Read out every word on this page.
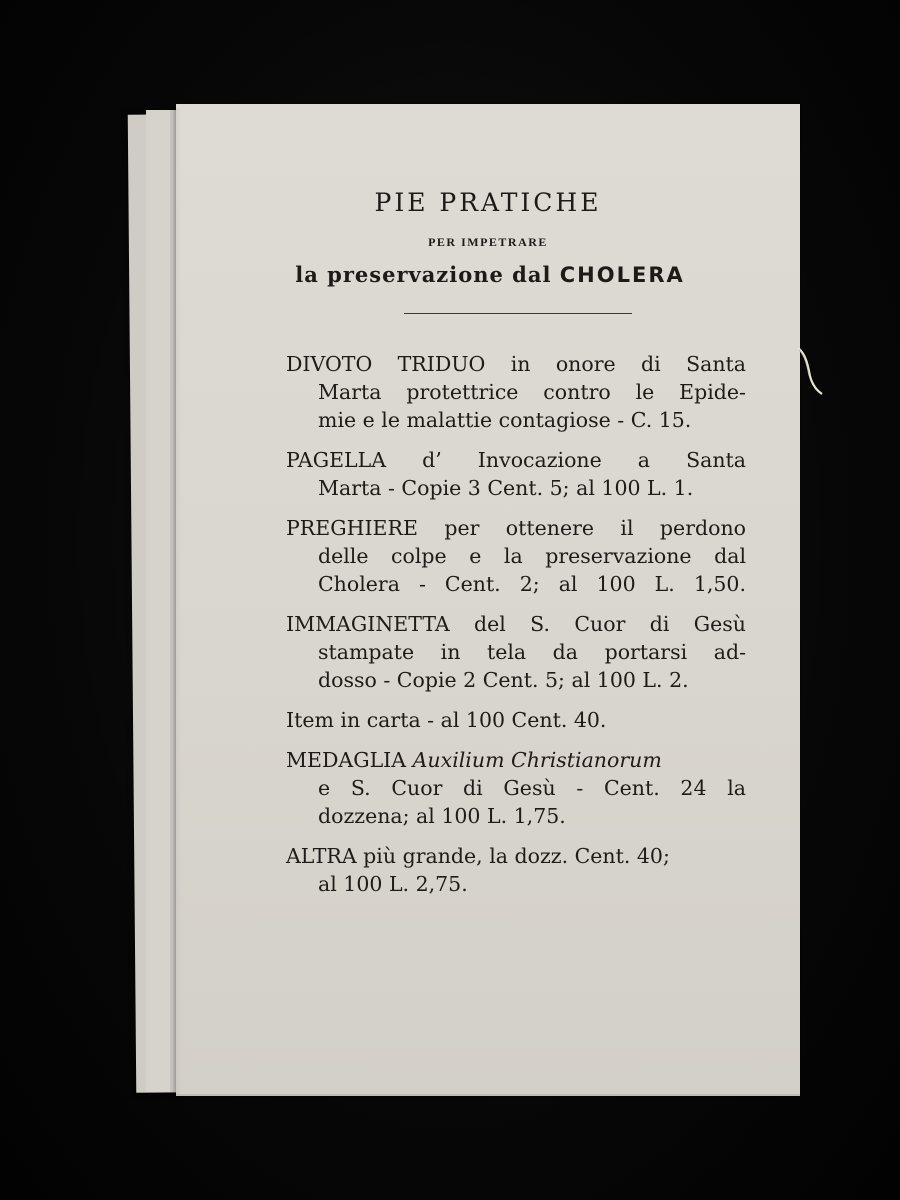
PIE PRATICHE
PER IMPETRARE
la preservazione dal CHOLERA
DIVOTO TRIDUO in onore di Santa
Marta protettrice contro le Epide-
mie e le malattie contagiose - C. 15.
PAGELLA d’ Invocazione a Santa
Marta - Copie 3 Cent. 5; al 100 L. 1.
PREGHIERE per ottenere il perdono
delle colpe e la preservazione dal
Cholera - Cent. 2; al 100 L. 1,50.
IMMAGINETTA del S. Cuor di Gesù
stampate in tela da portarsi ad-
dosso - Copie 2 Cent. 5; al 100 L. 2.
Item in carta - al 100 Cent. 40.
MEDAGLIA Auxilium Christianorum
e S. Cuor di Gesù - Cent. 24 la
dozzena; al 100 L. 1,75.
ALTRA più grande, la dozz. Cent. 40;
al 100 L. 2,75.
